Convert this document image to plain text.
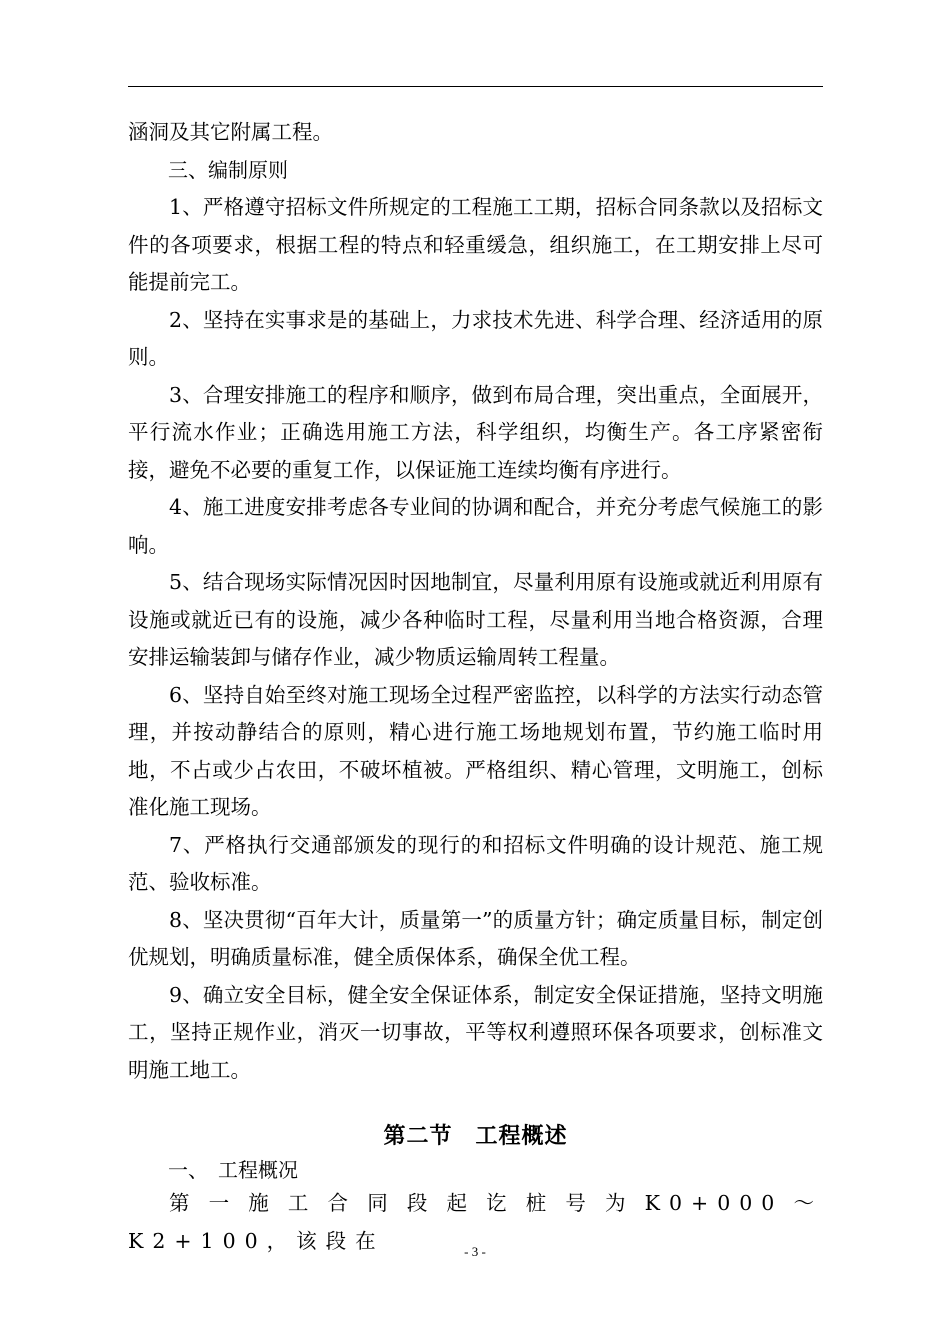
涵洞及其它附属工程。

三、编制原则

1、严格遵守招标文件所规定的工程施工工期，招标合同条款以及招标文件的各项要求，根据工程的特点和轻重缓急，组织施工，在工期安排上尽可能提前完工。

2、坚持在实事求是的基础上，力求技术先进、科学合理、经济适用的原则。

3、合理安排施工的程序和顺序，做到布局合理，突出重点，全面展开，平行流水作业；正确选用施工方法，科学组织，均衡生产。各工序紧密衔接，避免不必要的重复工作，以保证施工连续均衡有序进行。

4、施工进度安排考虑各专业间的协调和配合，并充分考虑气候施工的影响。

5、结合现场实际情况因时因地制宜，尽量利用原有设施或就近利用原有设施或就近已有的设施，减少各种临时工程，尽量利用当地合格资源，合理安排运输装卸与储存作业，减少物质运输周转工程量。

6、坚持自始至终对施工现场全过程严密监控，以科学的方法实行动态管理，并按动静结合的原则，精心进行施工场地规划布置，节约施工临时用地，不占或少占农田，不破坏植被。严格组织、精心管理，文明施工，创标准化施工现场。

7、严格执行交通部颁发的现行的和招标文件明确的设计规范、施工规范、验收标准。

8、坚决贯彻“百年大计，质量第一”的质量方针；确定质量目标，制定创优规划，明确质量标准，健全质保体系，确保全优工程。

9、确立安全目标，健全安全保证体系，制定安全保证措施，坚持文明施工，坚持正规作业，消灭一切事故，平等权利遵照环保各项要求，创标准文明施工地工。

第二节　工程概述

一、　工程概况

第一施工合同段起讫桩号为K0+000～K2+100，该段在	- 3 -
